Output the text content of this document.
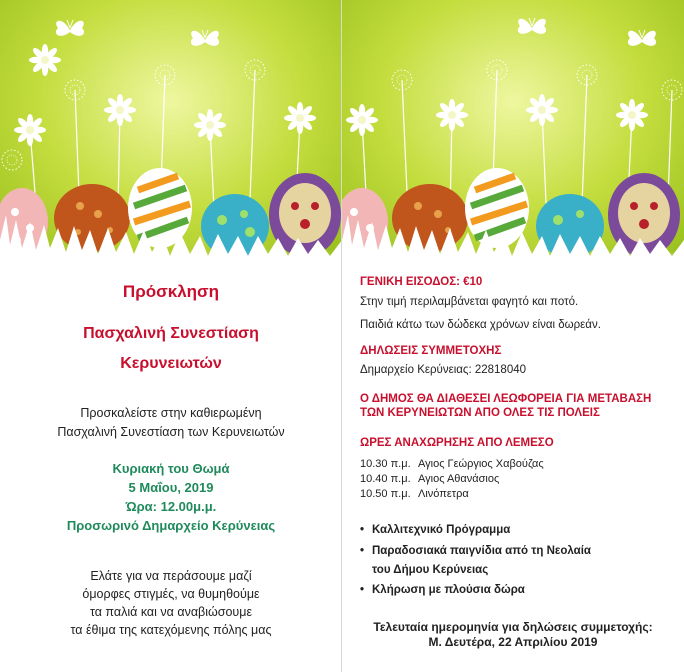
Πρόσκληση
Πασχαλινή Συνεστίαση
Κερυνειωτών
Προσκαλείστε στην καθιερωμένη
Πασχαλινή Συνεστίαση των Κερυνειωτών
Κυριακή του Θωμά
5 Μαΐου, 2019
Ώρα: 12.00μ.μ.
Προσωρινό Δημαρχείο Κερύνειας
Ελάτε για να περάσουμε μαζί
όμορφες στιγμές, να θυμηθούμε
τα παλιά και να αναβιώσουμε
τα έθιμα της κατεχόμενης πόλης μας
ΓΕΝΙΚΗ ΕΙΣΟΔΟΣ: €10
Στην τιμή περιλαμβάνεται φαγητό και ποτό.
Παιδιά κάτω των δώδεκα χρόνων είναι δωρεάν.
ΔΗΛΩΣΕΙΣ ΣΥΜΜΕΤΟΧΗΣ
Δημαρχείο Κερύνειας: 22818040
Ο ΔΗΜΟΣ ΘΑ ΔΙΑΘΕΣΕΙ ΛΕΩΦΟΡΕΙΑ ΓΙΑ ΜΕΤΑΒΑΣΗ
ΤΩΝ ΚΕΡΥΝΕΙΩΤΩΝ ΑΠΟ ΟΛΕΣ ΤΙΣ ΠΟΛΕΙΣ
ΩΡΕΣ ΑΝΑΧΩΡΗΣΗΣ ΑΠΟ ΛΕΜΕΣΟ
10.30 π.μ. Αγιος Γεώργιος Χαβούζας
10.40 π.μ. Αγιος Αθανάσιος
10.50 π.μ. Λινόπετρα
• Καλλιτεχνικό Πρόγραμμα
• Παραδοσιακά παιγνίδια από τη Νεολαία
του Δήμου Κερύνειας
• Κλήρωση με πλούσια δώρα
Τελευταία ημερομηνία για δηλώσεις συμμετοχής:
Μ. Δευτέρα, 22 Απριλίου 2019
